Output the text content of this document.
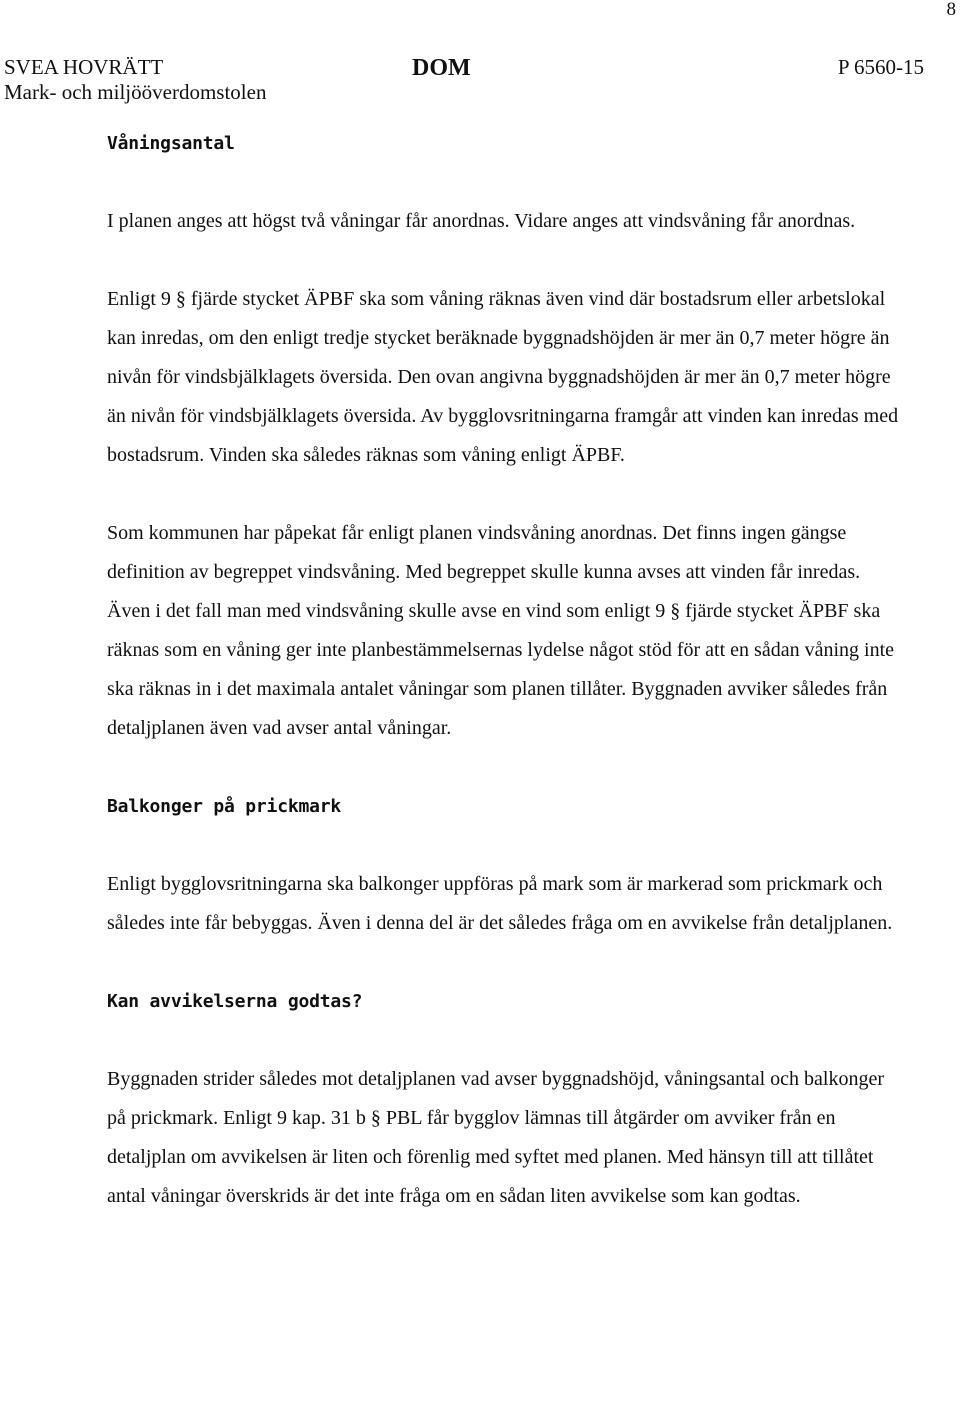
8
SVEA HOVRÄTT
Mark- och miljööverdomstolen
DOM	P 6560-15
Våningsantal

I planen anges att högst två våningar får anordnas. Vidare anges att vindsvåning får anordnas.

Enligt 9 § fjärde stycket ÄPBF ska som våning räknas även vind där bostadsrum eller arbetslokal kan inredas, om den enligt tredje stycket beräknade byggnadshöjden är mer än 0,7 meter högre än nivån för vindsbjälklagets översida. Den ovan angivna byggnadshöjden är mer än 0,7 meter högre än nivån för vindsbjälklagets översida. Av bygglovsritningarna framgår att vinden kan inredas med bostadsrum. Vinden ska således räknas som våning enligt ÄPBF.

Som kommunen har påpekat får enligt planen vindsvåning anordnas. Det finns ingen gängse definition av begreppet vindsvåning. Med begreppet skulle kunna avses att vinden får inredas. Även i det fall man med vindsvåning skulle avse en vind som enligt 9 § fjärde stycket ÄPBF ska räknas som en våning ger inte planbestämmelsernas lydelse något stöd för att en sådan våning inte ska räknas in i det maximala antalet våningar som planen tillåter. Byggnaden avviker således från detaljplanen även vad avser antal våningar.

Balkonger på prickmark

Enligt bygglovsritningarna ska balkonger uppföras på mark som är markerad som prickmark och således inte får bebyggas. Även i denna del är det således fråga om en avvikelse från detaljplanen.

Kan avvikelserna godtas?

Byggnaden strider således mot detaljplanen vad avser byggnadshöjd, våningsantal och balkonger på prickmark. Enligt 9 kap. 31 b § PBL får bygglov lämnas till åtgärder om avviker från en detaljplan om avvikelsen är liten och förenlig med syftet med planen. Med hänsyn till att tillåtet antal våningar överskrids är det inte fråga om en sådan liten avvikelse som kan godtas.
